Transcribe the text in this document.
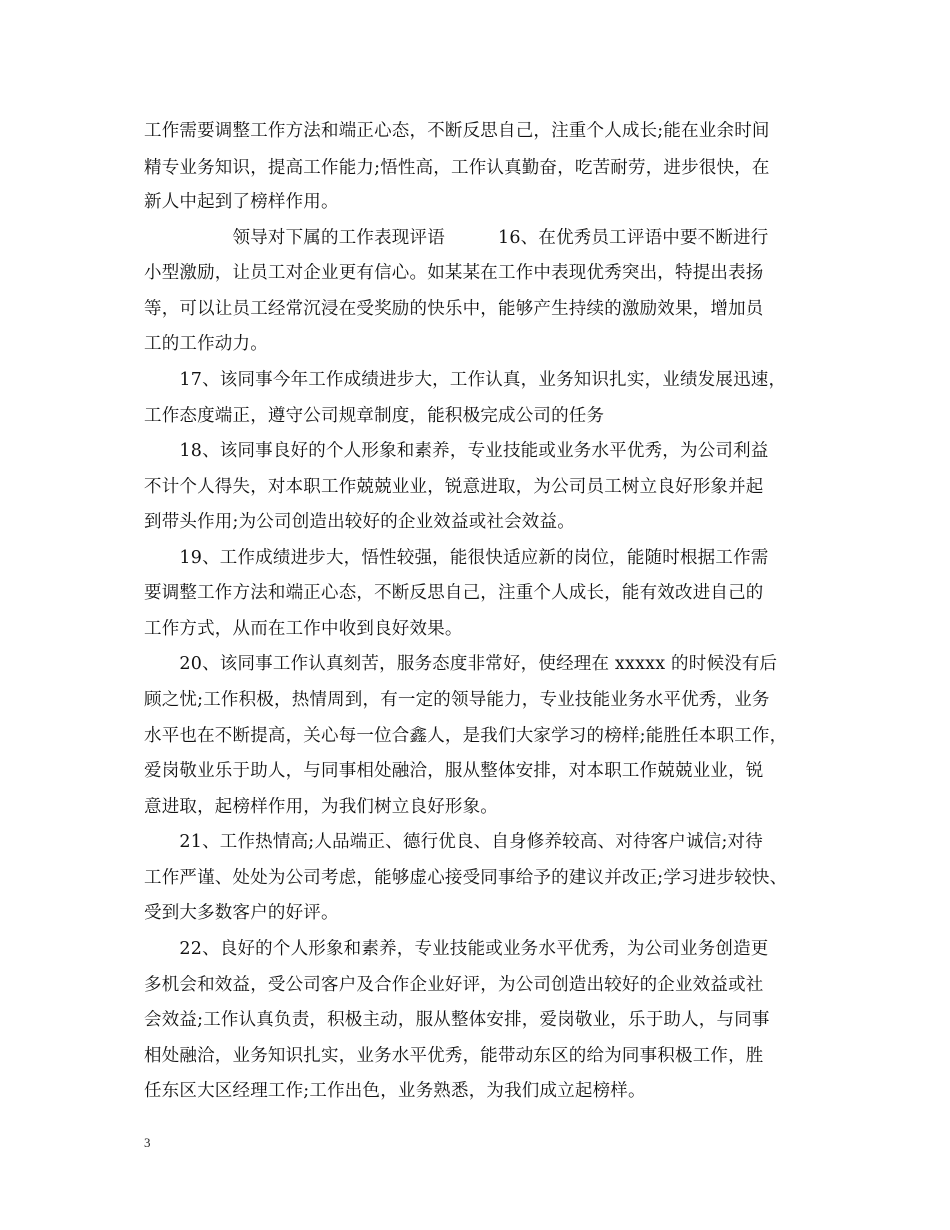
工作需要调整工作方法和端正心态，不断反思自己，注重个人成长;能在业余时间
精专业务知识，提高工作能力;悟性高，工作认真勤奋，吃苦耐劳，进步很快，在
新人中起到了榜样作用。
　　　　　领导对下属的工作表现评语　　　16、在优秀员工评语中要不断进行
小型激励，让员工对企业更有信心。如某某在工作中表现优秀突出，特提出表扬
等，可以让员工经常沉浸在受奖励的快乐中，能够产生持续的激励效果，增加员
工的工作动力。
　　17、该同事今年工作成绩进步大，工作认真，业务知识扎实，业绩发展迅速，
工作态度端正，遵守公司规章制度，能积极完成公司的任务
　　18、该同事良好的个人形象和素养，专业技能或业务水平优秀，为公司利益
不计个人得失，对本职工作兢兢业业，锐意进取，为公司员工树立良好形象并起
到带头作用;为公司创造出较好的企业效益或社会效益。
　　19、工作成绩进步大，悟性较强，能很快适应新的岗位，能随时根据工作需
要调整工作方法和端正心态，不断反思自己，注重个人成长，能有效改进自己的
工作方式，从而在工作中收到良好效果。
　　20、该同事工作认真刻苦，服务态度非常好，使经理在 xxxxx 的时候没有后
顾之忧;工作积极，热情周到，有一定的领导能力，专业技能业务水平优秀，业务
水平也在不断提高，关心每一位合鑫人，是我们大家学习的榜样;能胜任本职工作，
爱岗敬业乐于助人，与同事相处融洽，服从整体安排，对本职工作兢兢业业，锐
意进取，起榜样作用，为我们树立良好形象。
　　21、工作热情高;人品端正、德行优良、自身修养较高、对待客户诚信;对待
工作严谨、处处为公司考虑，能够虚心接受同事给予的建议并改正;学习进步较快、
受到大多数客户的好评。
　　22、良好的个人形象和素养，专业技能或业务水平优秀，为公司业务创造更
多机会和效益，受公司客户及合作企业好评，为公司创造出较好的企业效益或社
会效益;工作认真负责，积极主动，服从整体安排，爱岗敬业，乐于助人，与同事
相处融洽，业务知识扎实，业务水平优秀，能带动东区的给为同事积极工作，胜
任东区大区经理工作;工作出色，业务熟悉，为我们成立起榜样。
3
